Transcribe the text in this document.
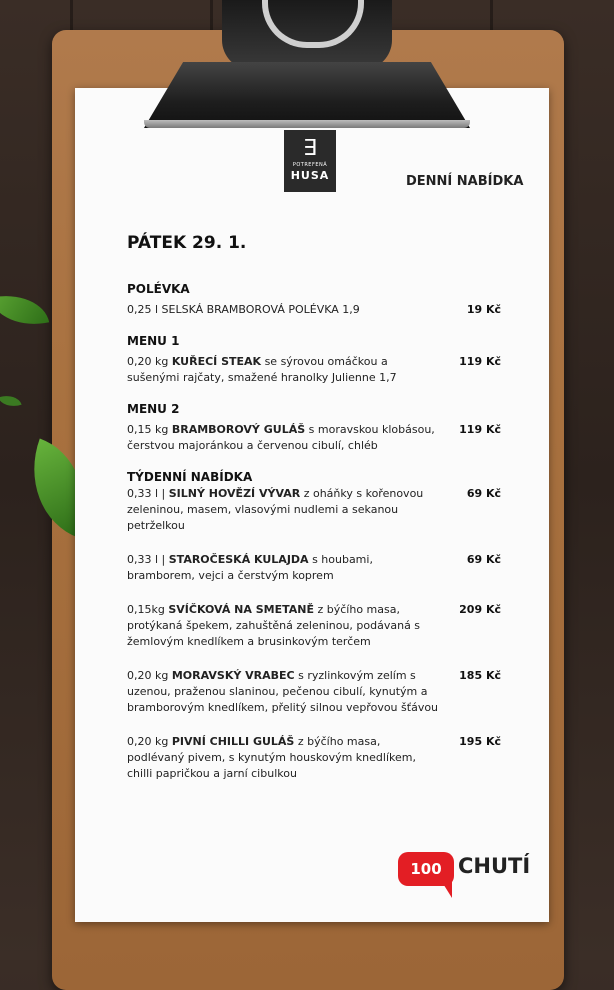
∃
POTREFENÁ
HUSA	DENNÍ NABÍDKA
PÁTEK 29. 1.
POLÉVKA
0,25 l SELSKÁ BRAMBOROVÁ POLÉVKA 1,9	19 Kč
MENU 1
0,20 kg KUŘECÍ STEAK se sýrovou omáčkou a sušenými rajčaty, smažené hranolky Julienne 1,7
119 Kč
MENU 2
0,15 kg BRAMBOROVÝ GULÁŠ s moravskou klobásou, čerstvou majoránkou a červenou cibulí, chléb
119 Kč
TÝDENNÍ NABÍDKA
0,33 l | SILNÝ HOVĚZÍ VÝVAR z oháňky s kořenovou zeleninou, masem, vlasovými nudlemi a sekanou petrželkou
69 Kč
0,33 l | STAROČESKÁ KULAJDA s houbami, bramborem, vejci a čerstvým koprem
69 Kč
0,15kg SVÍČKOVÁ NA SMETANĚ z býčího masa, protýkaná špekem, zahuštěná zeleninou, podávaná s žemlovým knedlíkem a brusinkovým terčem
209 Kč
0,20 kg MORAVSKÝ VRABEC s ryzlinkovým zelím s uzenou, praženou slaninou, pečenou cibulí, kynutým a bramborovým knedlíkem, přelitý silnou vepřovou šťávou
185 Kč
0,20 kg PIVNÍ CHILLI GULÁŠ z býčího masa, podlévaný pivem, s kynutým houskovým knedlíkem, chilli papričkou a jarní cibulkou
195 Kč
100 CHUTÍ
